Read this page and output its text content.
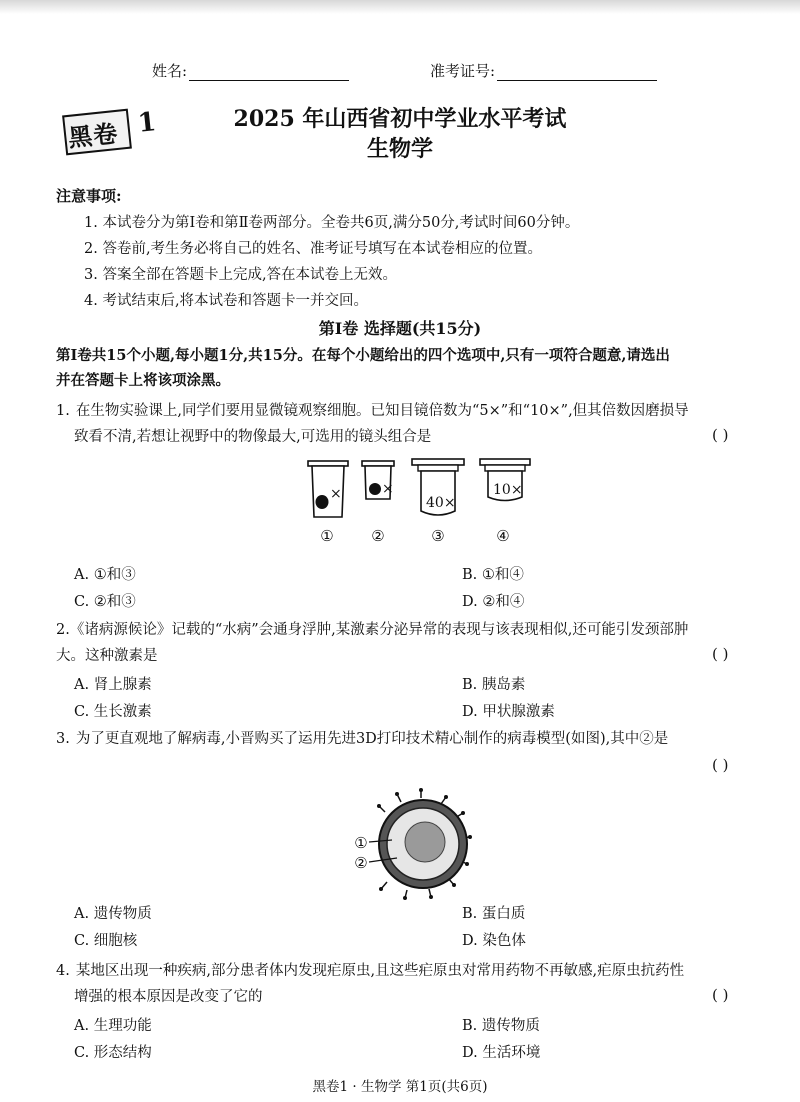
姓名:	准考证号:
黑卷 1	2025 年山西省初中学业水平考试
生物学
注意事项:
1. 本试卷分为第Ⅰ卷和第Ⅱ卷两部分。全卷共6页,满分50分,考试时间60分钟。
2. 答卷前,考生务必将自己的姓名、准考证号填写在本试卷相应的位置。
3. 答案全部在答题卡上完成,答在本试卷上无效。
4. 考试结束后,将本试卷和答题卡一并交回。
第Ⅰ卷 选择题(共15分)
第Ⅰ卷共15个小题,每小题1分,共15分。在每个小题给出的四个选项中,只有一项符合题意,请选出
并在答题卡上将该项涂黑。
1. 在生物实验课上,同学们要用显微镜观察细胞。已知目镜倍数为“5×”和“10×”,但其倍数因磨损导
致看不清,若想让视野中的物像最大,可选用的镜头组合是	( )
×	×
40×
10×
①	②	③	④
A. ①和③	B. ①和④
C. ②和③	D. ②和④
2.《诸病源候论》记载的“水病”会通身浮肿,某激素分泌异常的表现与该表现相似,还可能引发颈部肿
大。这种激素是	( )
A. 肾上腺素	B. 胰岛素
C. 生长激素	D. 甲状腺激素
3. 为了更直观地了解病毒,小晋购买了运用先进3D打印技术精心制作的病毒模型(如图),其中②是
( )
①
②
A. 遗传物质	B. 蛋白质
C. 细胞核	D. 染色体
4. 某地区出现一种疾病,部分患者体内发现疟原虫,且这些疟原虫对常用药物不再敏感,疟原虫抗药性
增强的根本原因是改变了它的	( )
A. 生理功能	B. 遗传物质
C. 形态结构	D. 生活环境
黑卷1 · 生物学 第1页(共6页)
